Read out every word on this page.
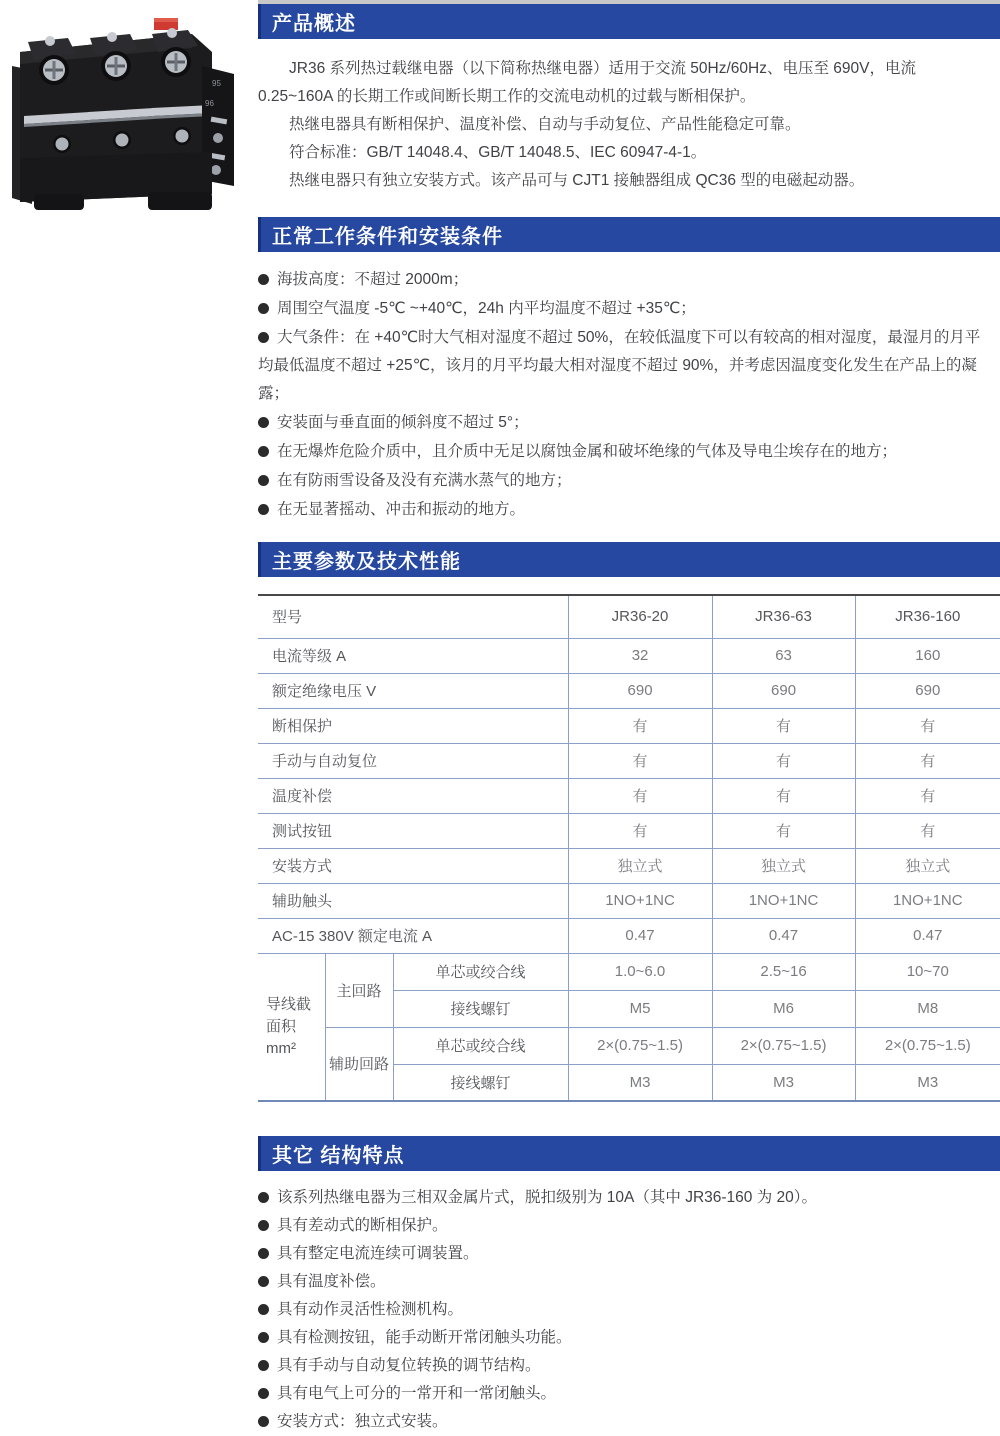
95
96
产品概述

JR36 系列热过载继电器（以下简称热继电器）适用于交流 50Hz/60Hz、电压至 690V，电流 0.25~160A 的长期工作或间断长期工作的交流电动机的过载与断相保护。

热继电器具有断相保护、温度补偿、自动与手动复位、产品性能稳定可靠。

符合标准：GB/T 14048.4、GB/T 14048.5、IEC 60947-4-1。

热继电器只有独立安装方式。该产品可与 CJT1 接触器组成 QC36 型的电磁起动器。

正常工作条件和安装条件
海拔高度：不超过 2000m；
周围空气温度 -5℃ ~+40℃，24h 内平均温度不超过 +35℃；
大气条件：在 +40℃时大气相对湿度不超过 50%，在较低温度下可以有较高的相对湿度，最湿月的月平均最低温度不超过 +25℃，该月的月平均最大相对湿度不超过 90%，并考虑因温度变化发生在产品上的凝露；
安装面与垂直面的倾斜度不超过 5°；
在无爆炸危险介质中，且介质中无足以腐蚀金属和破坏绝缘的气体及导电尘埃存在的地方；
在有防雨雪设备及没有充满水蒸气的地方；
在无显著摇动、冲击和振动的地方。
主要参数及技术性能
型号			JR36-20	JR36-63	JR36-160
电流等级 A			32	63	160
额定绝缘电压 V			690	690	690
断相保护			有	有	有
手动与自动复位			有	有	有
温度补偿			有	有	有
测试按钮			有	有	有
安装方式			独立式	独立式	独立式
辅助触头			1NO+1NC	1NO+1NC	1NO+1NC
AC-15 380V 额定电流 A			0.47	0.47	0.47

导线截面积
mm²	主回路	单芯或绞合线	1.0~6.0	2.5~16	10~70
		接线螺钉	M5	M6	M8
	辅助回路	单芯或绞合线	2×(0.75~1.5)	2×(0.75~1.5)	2×(0.75~1.5)
		接线螺钉	M3	M3	M3
其它 结构特点
该系列热继电器为三相双金属片式，脱扣级别为 10A（其中 JR36-160 为 20）。
具有差动式的断相保护。
具有整定电流连续可调装置。
具有温度补偿。
具有动作灵活性检测机构。
具有检测按钮，能手动断开常闭触头功能。
具有手动与自动复位转换的调节结构。
具有电气上可分的一常开和一常闭触头。
安装方式：独立式安装。
